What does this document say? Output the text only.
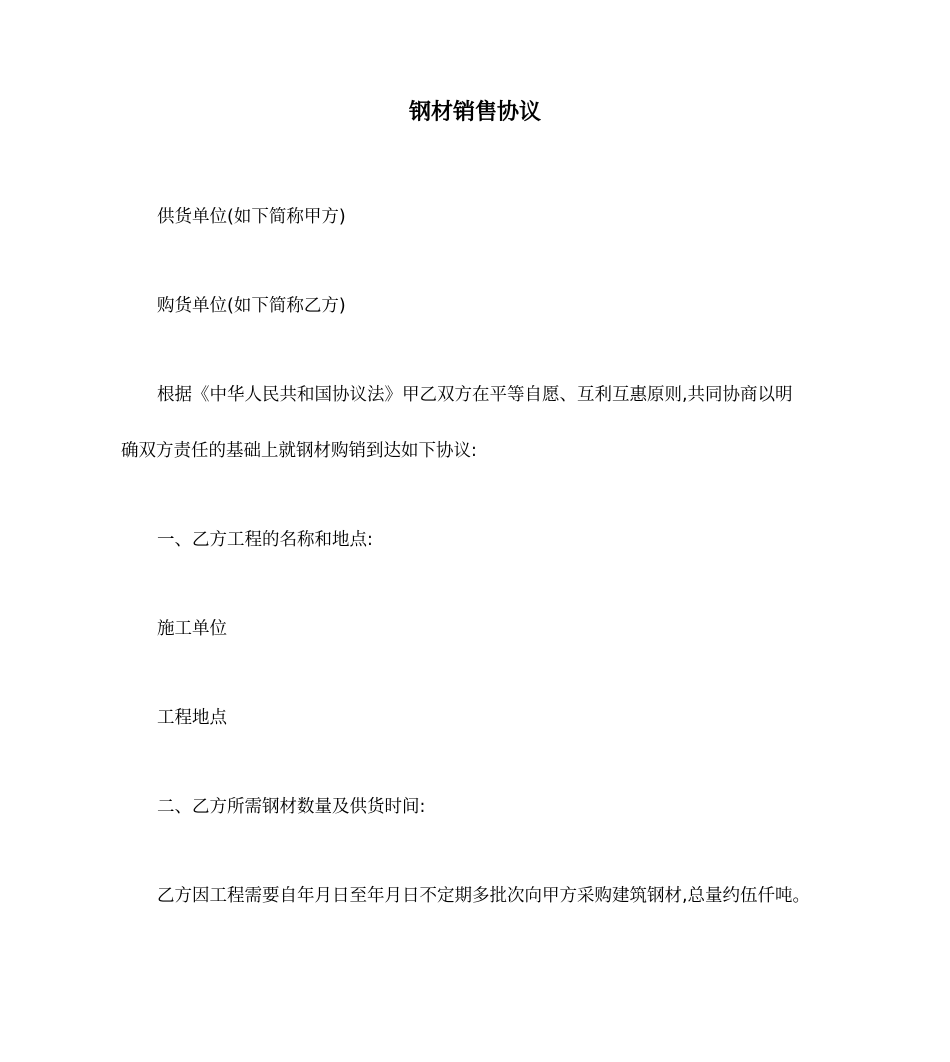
钢材销售协议
供货单位(如下简称甲方)
购货单位(如下简称乙方)
根据《中华人民共和国协议法》甲乙双方在平等自愿、互利互惠原则,共同协商以明
确双方责任的基础上就钢材购销到达如下协议:
一、乙方工程的名称和地点:
施工单位
工程地点
二、乙方所需钢材数量及供货时间:
乙方因工程需要自年月日至年月日不定期多批次向甲方采购建筑钢材,总量约伍仟吨。
